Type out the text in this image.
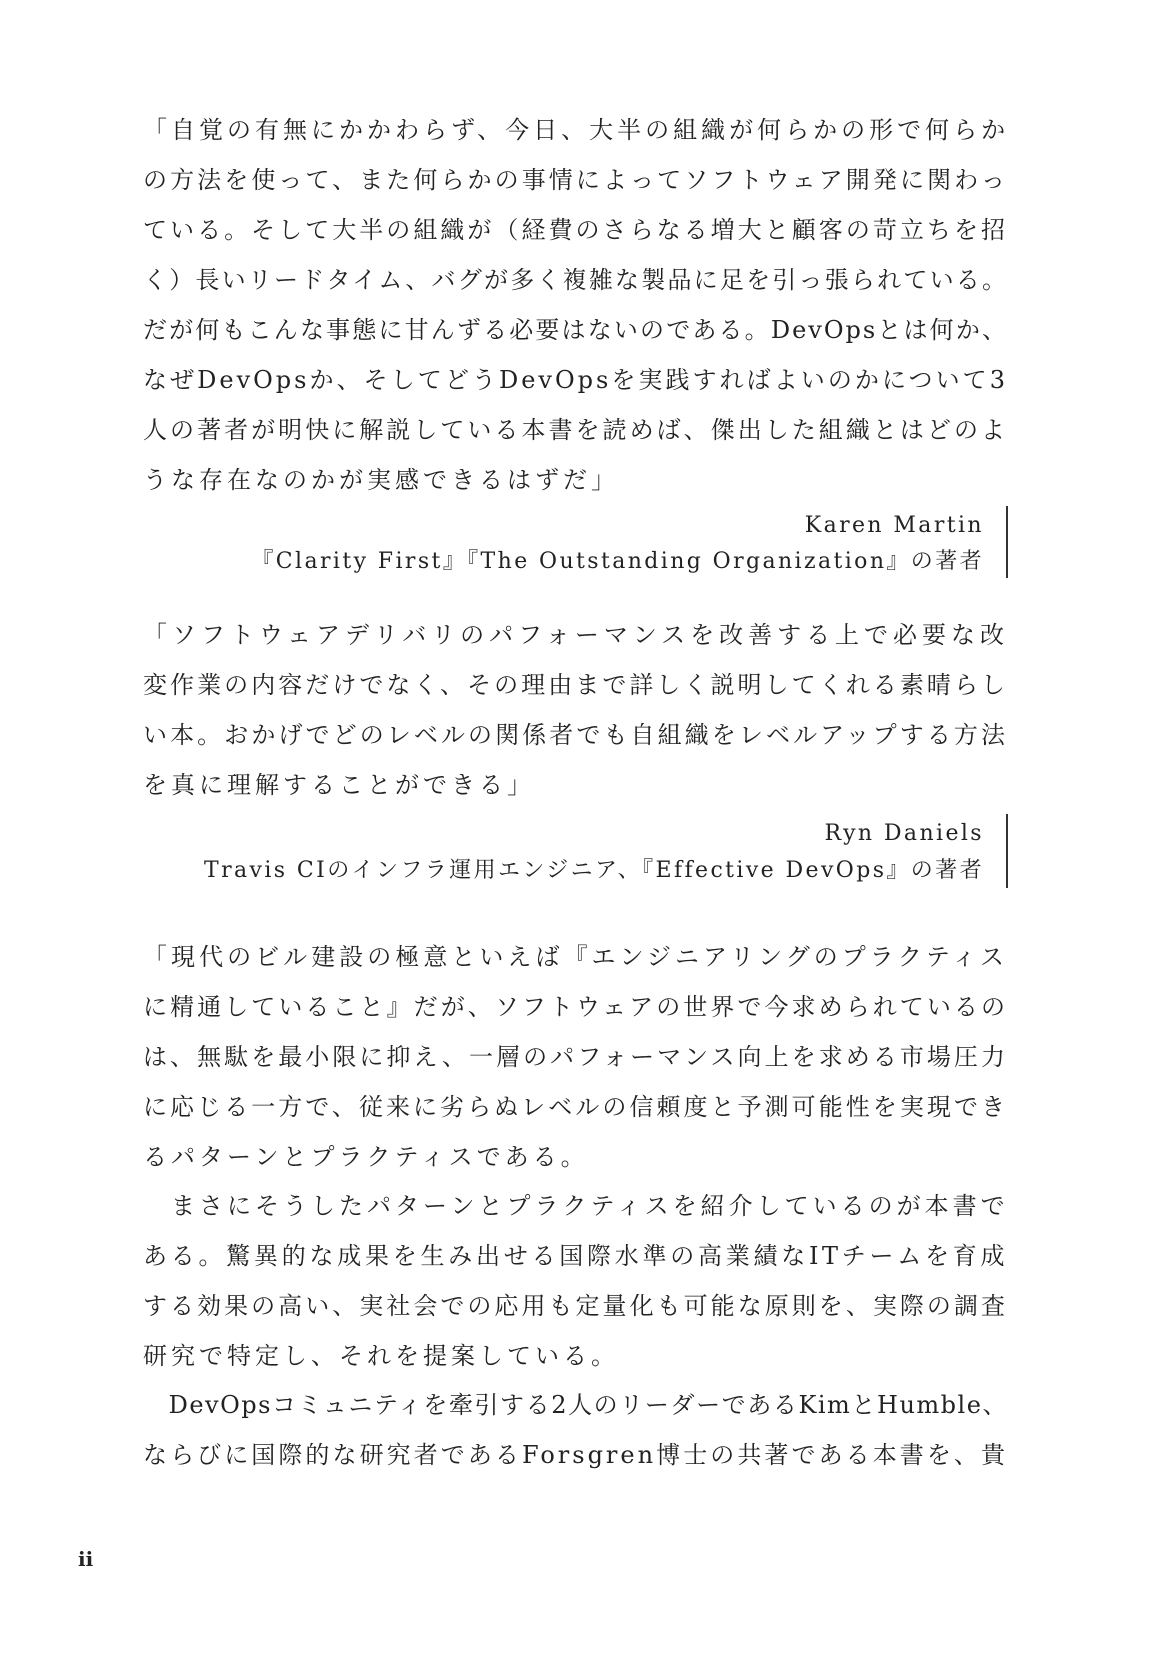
「自覚の有無にかかわらず、今日、大半の組織が何らかの形で何らか
の方法を使って、また何らかの事情によってソフトウェア開発に関わっ
ている。そして大半の組織が（経費のさらなる増大と顧客の苛立ちを招
く）長いリードタイム、バグが多く複雑な製品に足を引っ張られている。
だが何もこんな事態に甘んずる必要はないのである。DevOpsとは何か、
なぜDevOpsか、そしてどうDevOpsを実践すればよいのかについて3
人の著者が明快に解説している本書を読めば、傑出した組織とはどのよ
うな存在なのかが実感できるはずだ」
Karen Martin
『Clarity First』『The Outstanding Organization』の著者
「ソフトウェアデリバリのパフォーマンスを改善する上で必要な改
変作業の内容だけでなく、その理由まで詳しく説明してくれる素晴らし
い本。おかげでどのレベルの関係者でも自組織をレベルアップする方法
を真に理解することができる」
Ryn Daniels
Travis CIのインフラ運用エンジニア、『Effective DevOps』の著者
「現代のビル建設の極意といえば『エンジニアリングのプラクティス
に精通していること』だが、ソフトウェアの世界で今求められているの
は、無駄を最小限に抑え、一層のパフォーマンス向上を求める市場圧力
に応じる一方で、従来に劣らぬレベルの信頼度と予測可能性を実現でき
るパターンとプラクティスである。
　まさにそうしたパターンとプラクティスを紹介しているのが本書で
ある。驚異的な成果を生み出せる国際水準の高業績なITチームを育成
する効果の高い、実社会での応用も定量化も可能な原則を、実際の調査
研究で特定し、それを提案している。
　DevOpsコミュニティを牽引する2人のリーダーであるKimとHumble、
ならびに国際的な研究者であるForsgren博士の共著である本書を、貴
ii
